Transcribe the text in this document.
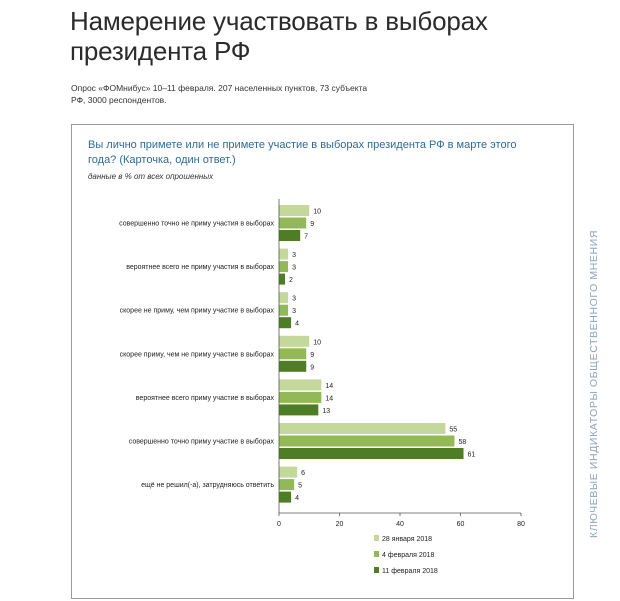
Намерение участвовать в выборах президента РФ
Опрос «ФОМнибус» 10–11 февраля. 207 населенных пунктов, 73 субъекта РФ, 3000 респондентов.
Вы лично примете или не примете участие в выборах президента РФ в марте этого года? (Карточка, один ответ.)
данные в % от всех опрошенных
КЛЮЧЕВЫЕ ИНДИКАТОРЫ ОБЩЕСТВЕННОГО МНЕНИЯ
10
9
7
совершенно точно не приму участия в выборах
3
3
2
вероятнее всего не приму участия в выборах
3
3
4
скорее не приму, чем приму участие в выборах
10
9
9
скорее приму, чем не приму участие в выборах
14
14
13
вероятнее всего приму участие в выборах
55
58
61
совершенно точно приму участие в выборах
6
5
4
ещё не решил(-а), затрудняюсь ответить
0	20	40	60	80
28 января 2018
4 февраля 2018
11 февраля 2018
